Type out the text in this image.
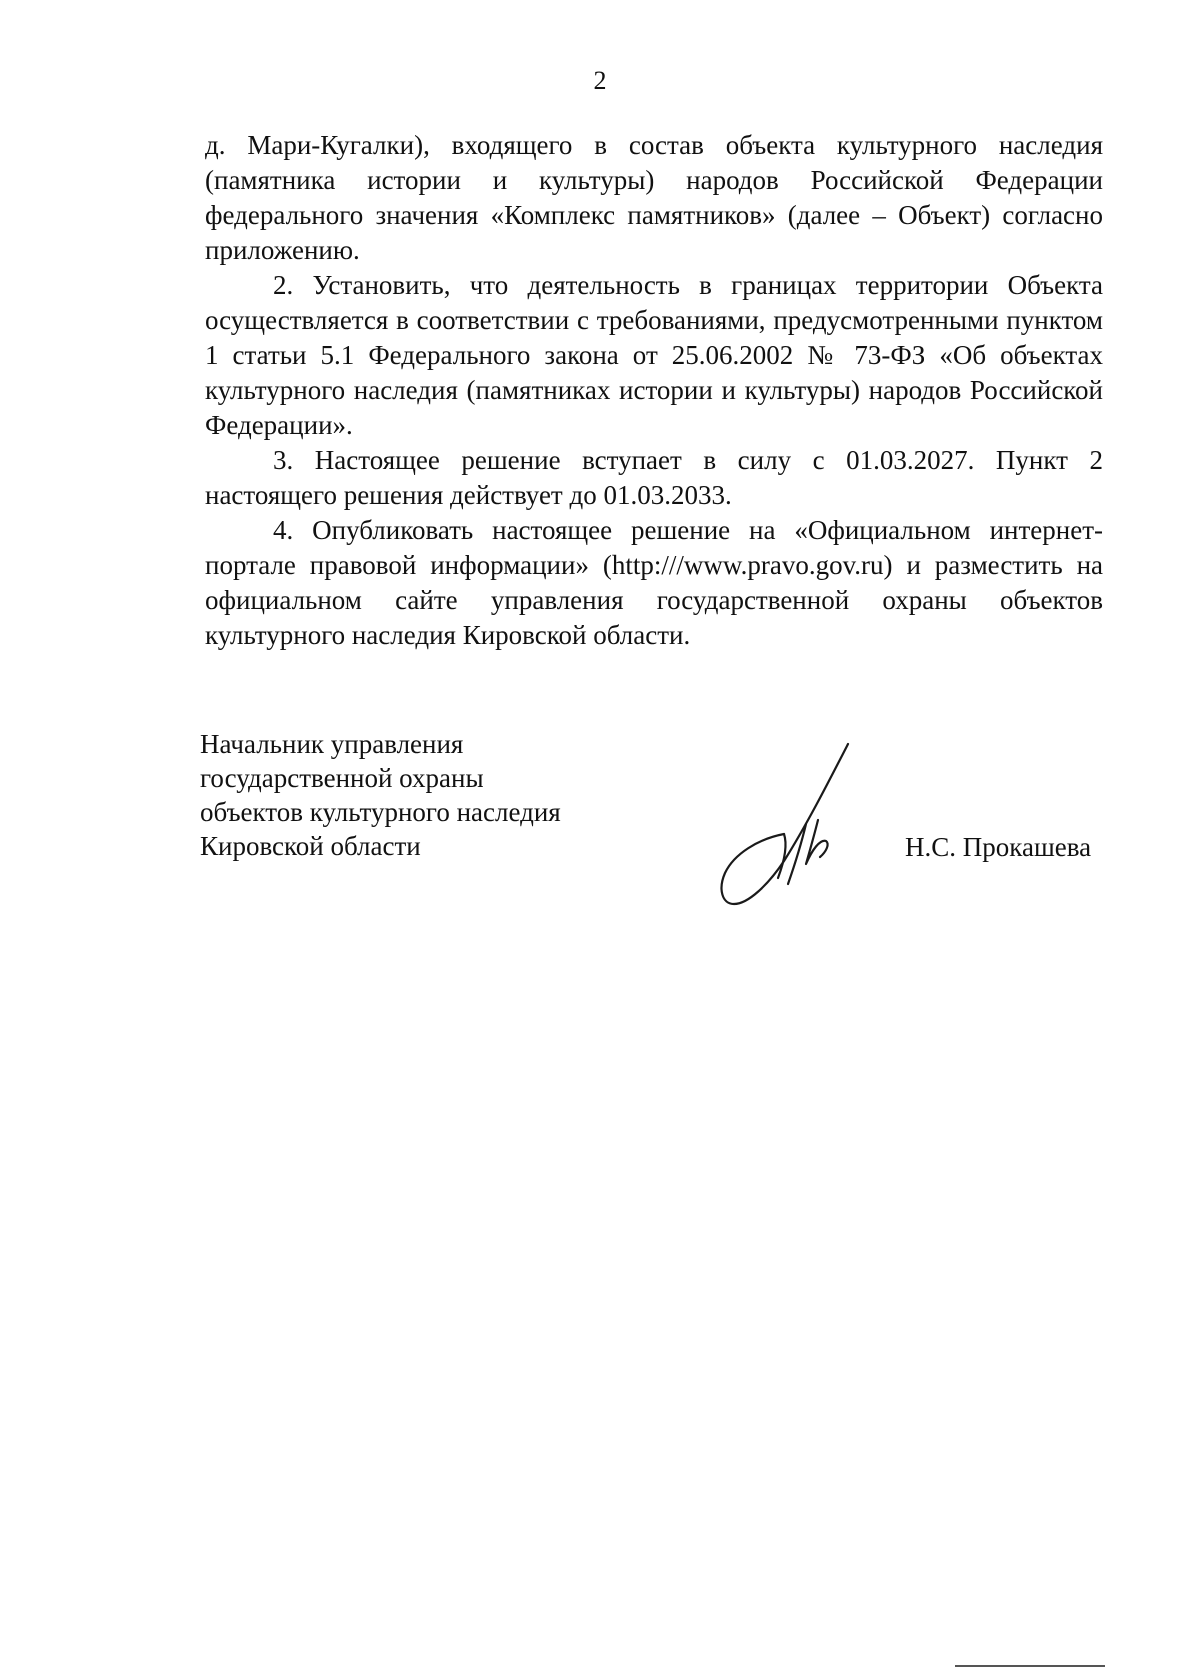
2

д. Мари-Кугалки), входящего в состав объекта культурного наследия (памятника истории и культуры) народов Российской Федерации федерального значения «Комплекс памятников» (далее – Объект) согласно приложению.

2. Установить, что деятельность в границах территории Объекта осуществляется в соответствии с требованиями, предусмотренными пунктом 1 статьи 5.1 Федерального закона от 25.06.2002 № 73-ФЗ «Об объектах культурного наследия (памятниках истории и культуры) народов Российской Федерации».

3. Настоящее решение вступает в силу с 01.03.2027. Пункт 2 настоящего решения действует до 01.03.2033.

4. Опубликовать настоящее решение на «Официальном интернет-портале правовой информации» (http:///www.pravo.gov.ru) и разместить на официальном сайте управления государственной охраны объектов культурного наследия Кировской области.

Начальник управления
государственной охраны
объектов культурного наследия
Кировской области	Н.С. Прокашева
